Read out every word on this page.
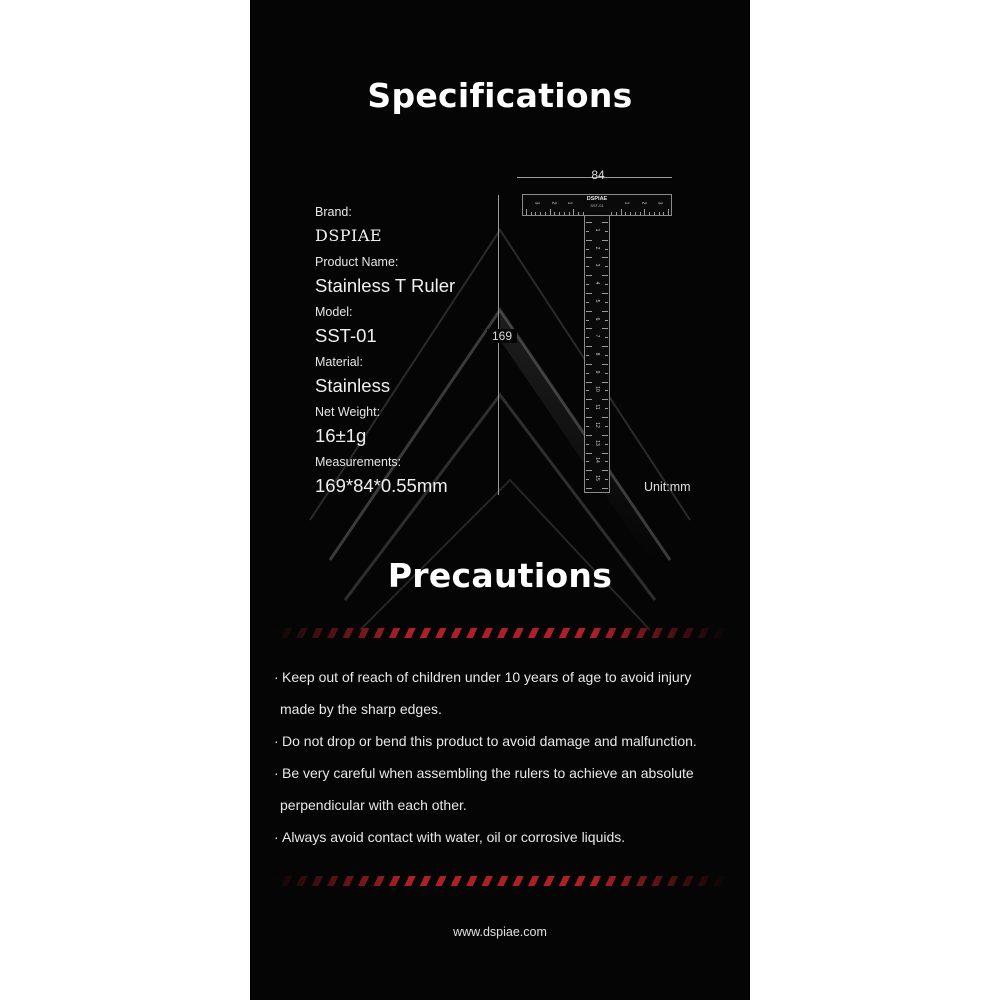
Specifications
Brand:
DSPIAE
Product Name:
Stainless T Ruler
Model:
SST-01
Material:
Stainless
Net Weight:
16±1g
Measurements:
169*84*0.55mm
84
169
DSPIAE
SST-01
1
2
3
4
5
6
7
8
9
10
11
12
13
14
15
3 2 1	1 2 3
Unit:mm
Precautions
· Keep out of reach of children under 10 years of age to avoid injury
made by the sharp edges.
· Do not drop or bend this product to avoid damage and malfunction.
· Be very careful when assembling the rulers to achieve an absolute
perpendicular with each other.
· Always avoid contact with water, oil or corrosive liquids.
www.dspiae.com
